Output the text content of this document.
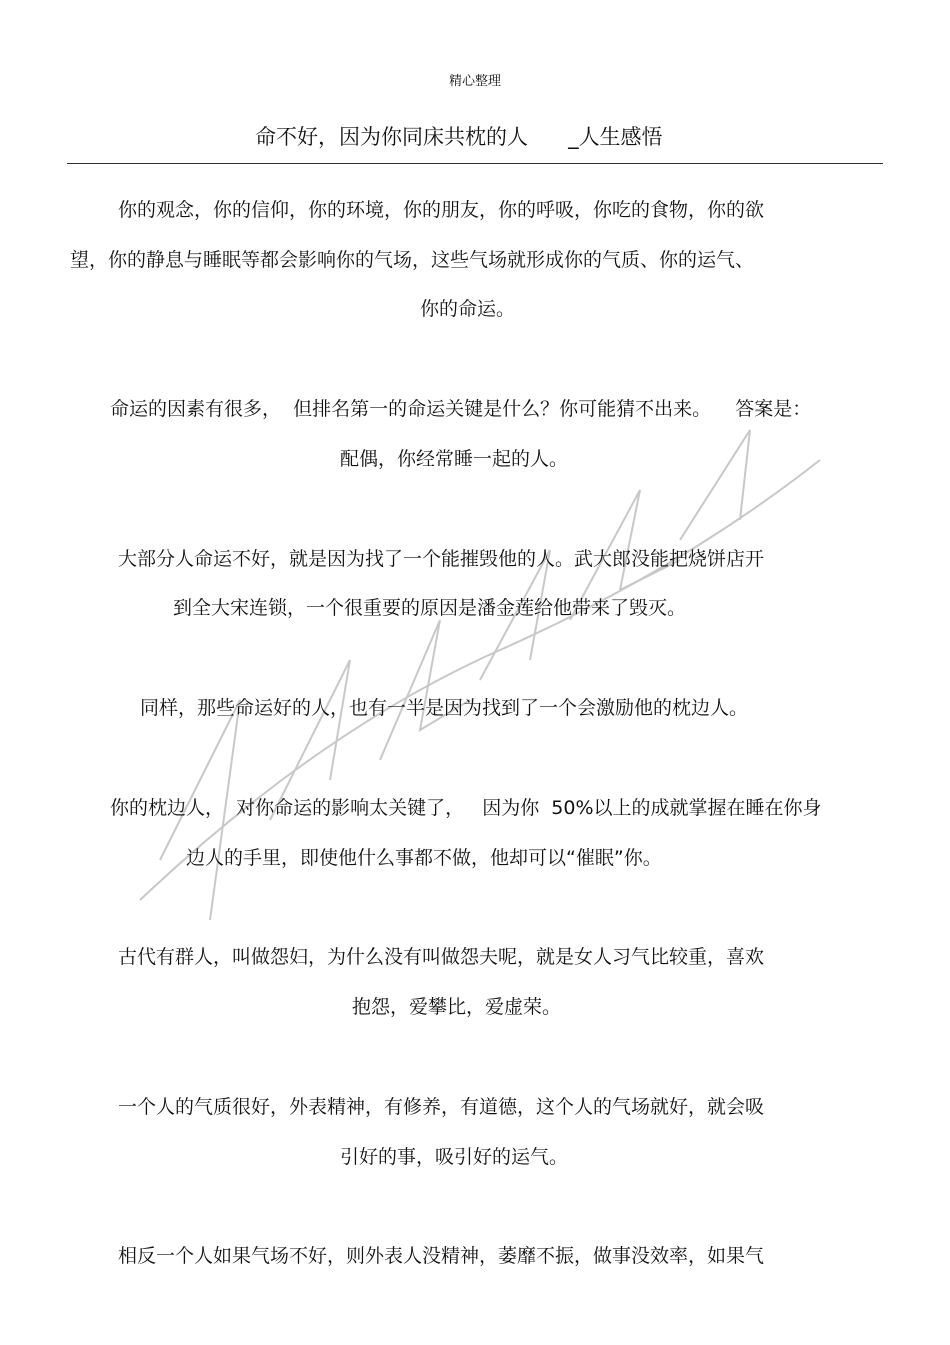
精心整理
命不好，因为你同床共枕的人 _人生感悟
你的观念，你的信仰，你的环境，你的朋友，你的呼吸，你吃的食物，你的欲
望，你的静息与睡眠等都会影响你的气场，这些气场就形成你的气质、你的运气、
你的命运。
命运的因素有很多，  但排名第一的命运关键是什么？你可能猜不出来。    答案是：
配偶，你经常睡一起的人。
大部分人命运不好，就是因为找了一个能摧毁他的人。武大郎没能把烧饼店开
到全大宋连锁，一个很重要的原因是潘金莲给他带来了毁灭。
同样，那些命运好的人，也有一半是因为找到了一个会激励他的枕边人。
你的枕边人，  对你命运的影响太关键了，   因为你  50%以上的成就掌握在睡在你身
边人的手里，即使他什么事都不做，他却可以“催眠”你。
古代有群人，叫做怨妇，为什么没有叫做怨夫呢，就是女人习气比较重，喜欢
抱怨，爱攀比，爱虚荣。
一个人的气质很好，外表精神，有修养，有道德，这个人的气场就好，就会吸
引好的事，吸引好的运气。
相反一个人如果气场不好，则外表人没精神，萎靡不振，做事没效率，如果气
